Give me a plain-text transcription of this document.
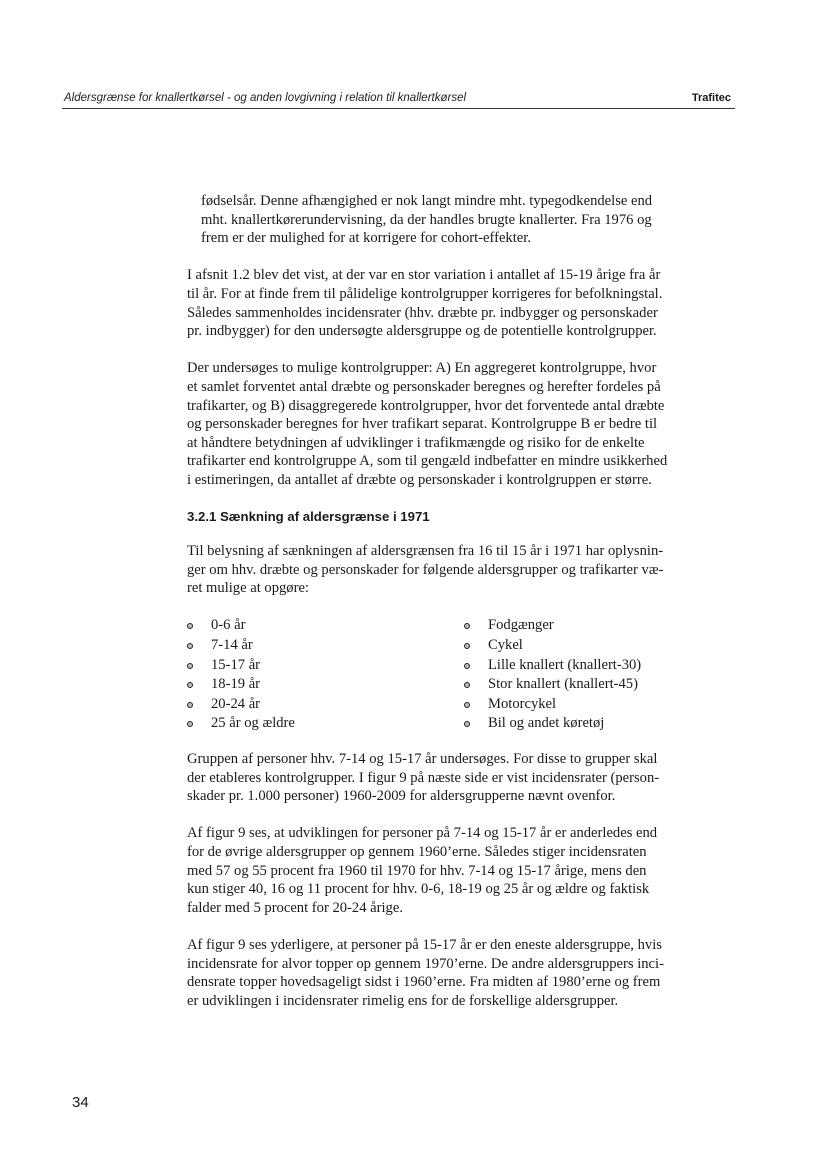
Aldersgrænse for knallertkørsel - og anden lovgivning i relation til knallertkørsel	Trafitec

fødselsår. Denne afhængighed er nok langt mindre mht. typegodkendelse end
mht. knallertkørerundervisning, da der handles brugte knallerter. Fra 1976 og
frem er der mulighed for at korrigere for cohort-effekter.

I afsnit 1.2 blev det vist, at der var en stor variation i antallet af 15-19 årige fra år
til år. For at finde frem til pålidelige kontrolgrupper korrigeres for befolkningstal.
Således sammenholdes incidensrater (hhv. dræbte pr. indbygger og personskader
pr. indbygger) for den undersøgte aldersgruppe og de potentielle kontrolgrupper.

Der undersøges to mulige kontrolgrupper: A) En aggregeret kontrolgruppe, hvor
et samlet forventet antal dræbte og personskader beregnes og herefter fordeles på
trafikarter, og B) disaggregerede kontrolgrupper, hvor det forventede antal dræbte
og personskader beregnes for hver trafikart separat. Kontrolgruppe B er bedre til
at håndtere betydningen af udviklinger i trafikmængde og risiko for de enkelte
trafikarter end kontrolgruppe A, som til gengæld indbefatter en mindre usikkerhed
i estimeringen, da antallet af dræbte og personskader i kontrolgruppen er større.

3.2.1 Sænkning af aldersgrænse i 1971

Til belysning af sænkningen af aldersgrænsen fra 16 til 15 år i 1971 har oplysnin-
ger om hhv. dræbte og personskader for følgende aldersgrupper og trafikarter væ-
ret mulige at opgøre:

0-6 år
7-14 år
15-17 år
18-19 år
20-24 år
25 år og ældre
Fodgænger
Cykel
Lille knallert (knallert-30)
Stor knallert (knallert-45)
Motorcykel
Bil og andet køretøj

Gruppen af personer hhv. 7-14 og 15-17 år undersøges. For disse to grupper skal
der etableres kontrolgrupper. I figur 9 på næste side er vist incidensrater (person-
skader pr. 1.000 personer) 1960-2009 for aldersgrupperne nævnt ovenfor.

Af figur 9 ses, at udviklingen for personer på 7-14 og 15-17 år er anderledes end
for de øvrige aldersgrupper op gennem 1960’erne. Således stiger incidensraten
med 57 og 55 procent fra 1960 til 1970 for hhv. 7-14 og 15-17 årige, mens den
kun stiger 40, 16 og 11 procent for hhv. 0-6, 18-19 og 25 år og ældre og faktisk
falder med 5 procent for 20-24 årige.

Af figur 9 ses yderligere, at personer på 15-17 år er den eneste aldersgruppe, hvis
incidensrate for alvor topper op gennem 1970’erne. De andre aldersgruppers inci-
densrate topper hovedsageligt sidst i 1960’erne. Fra midten af 1980’erne og frem
er udviklingen i incidensrater rimelig ens for de forskellige aldersgrupper.

34
